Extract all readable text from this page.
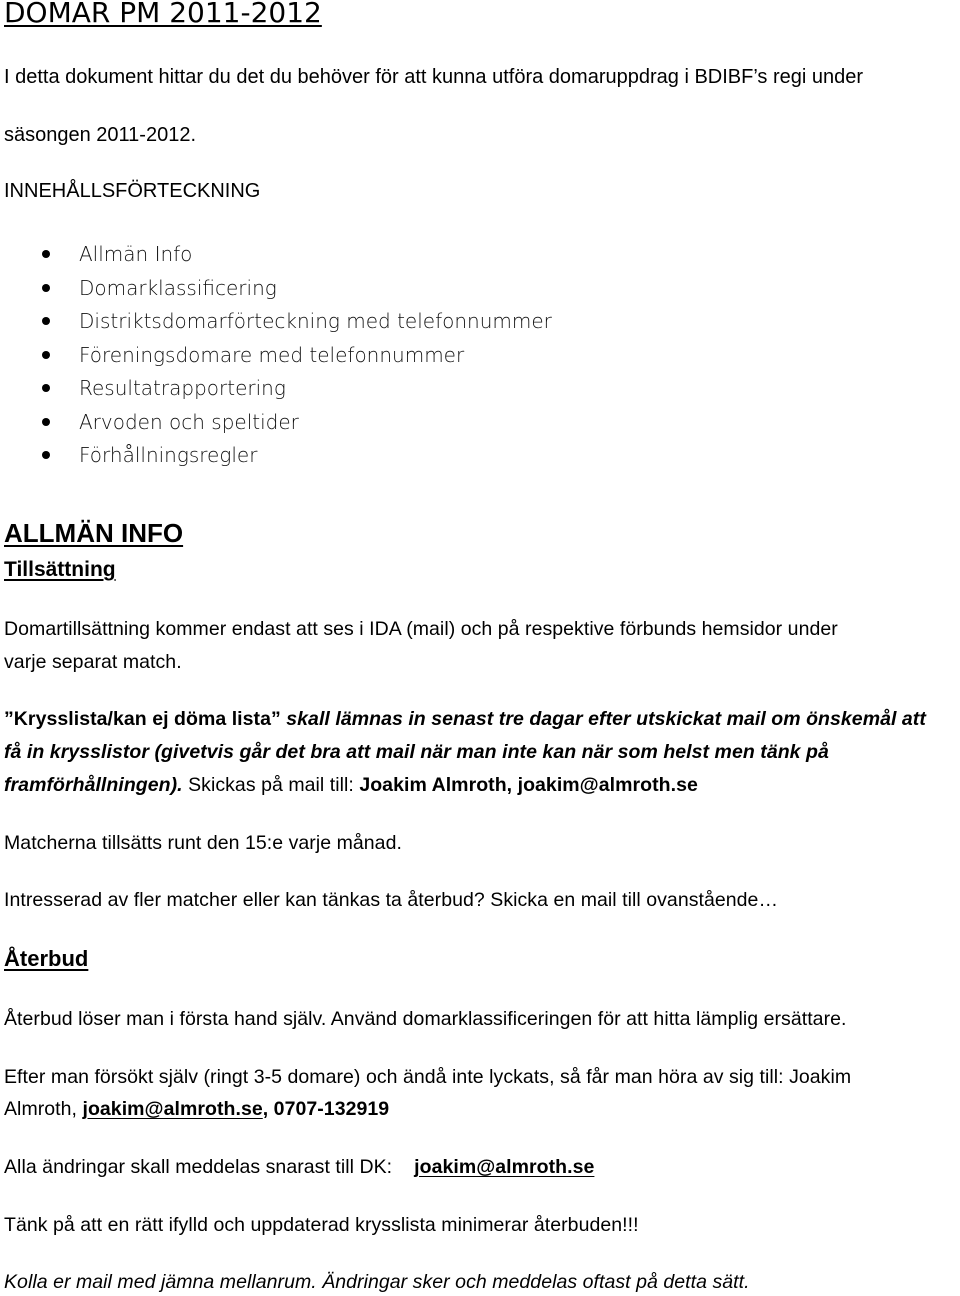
DOMAR PM 2011-2012

I detta dokument hittar du det du behöver för att kunna utföra domaruppdrag i BDIBF’s regi under

säsongen 2011-2012.

INNEHÅLLSFÖRTECKNING

Allmän Info
Domarklassificering
Distriktsdomarförteckning med telefonnummer
Föreningsdomare med telefonnummer
Resultatrapportering
Arvoden och speltider
Förhållningsregler
ALLMÄN INFO
Tillsättning

Domartillsättning kommer endast att ses i IDA (mail) och på respektive förbunds hemsidor under

varje separat match.

”Krysslista/kan ej döma lista” skall lämnas in senast tre dagar efter utskickat mail om önskemål att

få in krysslistor (givetvis går det bra att mail när man inte kan när som helst men tänk på

framförhållningen). Skickas på mail till: Joakim Almroth, joakim@almroth.se

Matcherna tillsätts runt den 15:e varje månad.

Intresserad av fler matcher eller kan tänkas ta återbud? Skicka en mail till ovanstående…

Återbud

Återbud löser man i första hand själv. Använd domarklassificeringen för att hitta lämplig ersättare.

Efter man försökt själv (ringt 3-5 domare) och ändå inte lyckats, så får man höra av sig till: Joakim

Almroth, joakim@almroth.se, 0707-132919

Alla ändringar skall meddelas snarast till DK: joakim@almroth.se

Tänk på att en rätt ifylld och uppdaterad krysslista minimerar återbuden!!!

Kolla er mail med jämna mellanrum. Ändringar sker och meddelas oftast på detta sätt.
